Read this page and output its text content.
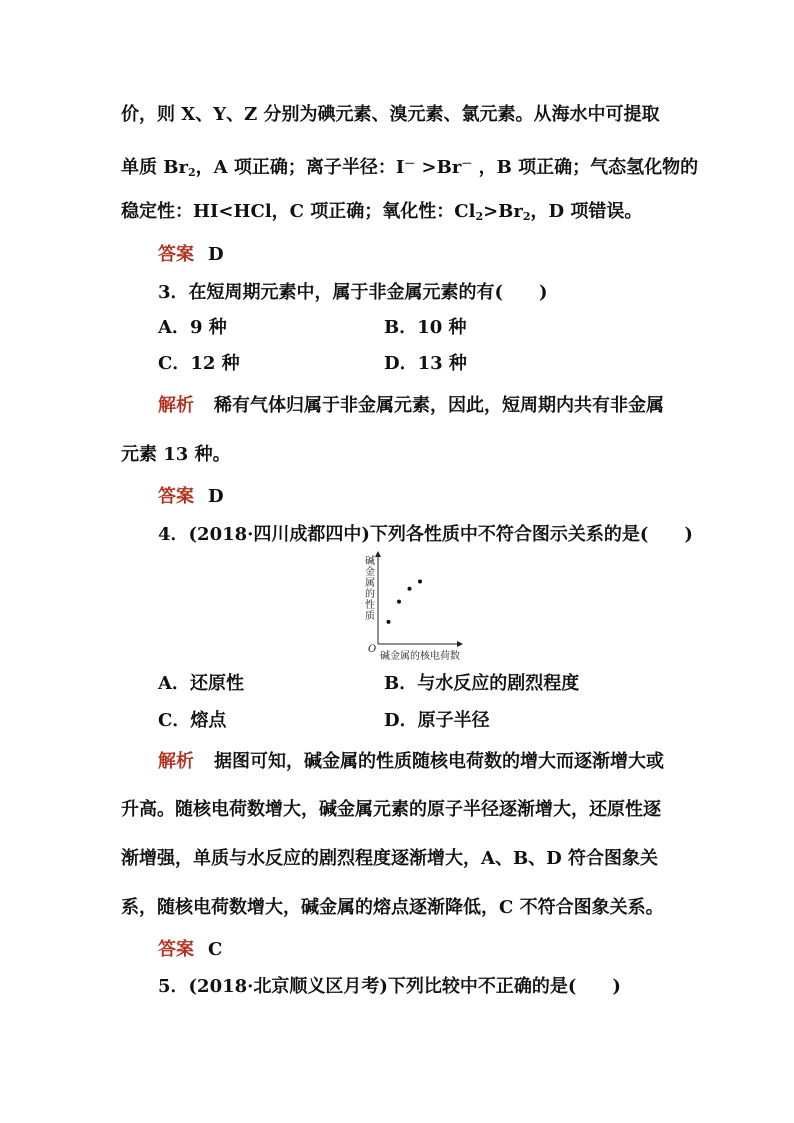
价，则 X、Y、Z 分别为碘元素、溴元素、氯元素。从海水中可提取
单质 $Br_2$，A 项正确；离子半径：I－ >Br－ ，B 项正确；气态氢化物的
稳定性：HI<HCl，C 项正确；氧化性：$Cl_2>Br_2$，D 项错误。
答案 D
3．在短周期元素中，属于非金属元素的有(　　)
A．9 种	B．10 种
C．12 种	D．13 种
解析 稀有气体归属于非金属元素，因此，短周期内共有非金属
元素 13 种。
答案 D
4．(2018·四川成都四中)下列各性质中不符合图示关系的是(　　)
碱金属的性质
O
碱金属的核电荷数
A．还原性	B．与水反应的剧烈程度
C．熔点	D．原子半径
解析 据图可知，碱金属的性质随核电荷数的增大而逐渐增大或
升高。随核电荷数增大，碱金属元素的原子半径逐渐增大，还原性逐
渐增强，单质与水反应的剧烈程度逐渐增大，A、B、D 符合图象关
系，随核电荷数增大，碱金属的熔点逐渐降低，C 不符合图象关系。
答案 C
5．(2018·北京顺义区月考)下列比较中不正确的是(　　)
